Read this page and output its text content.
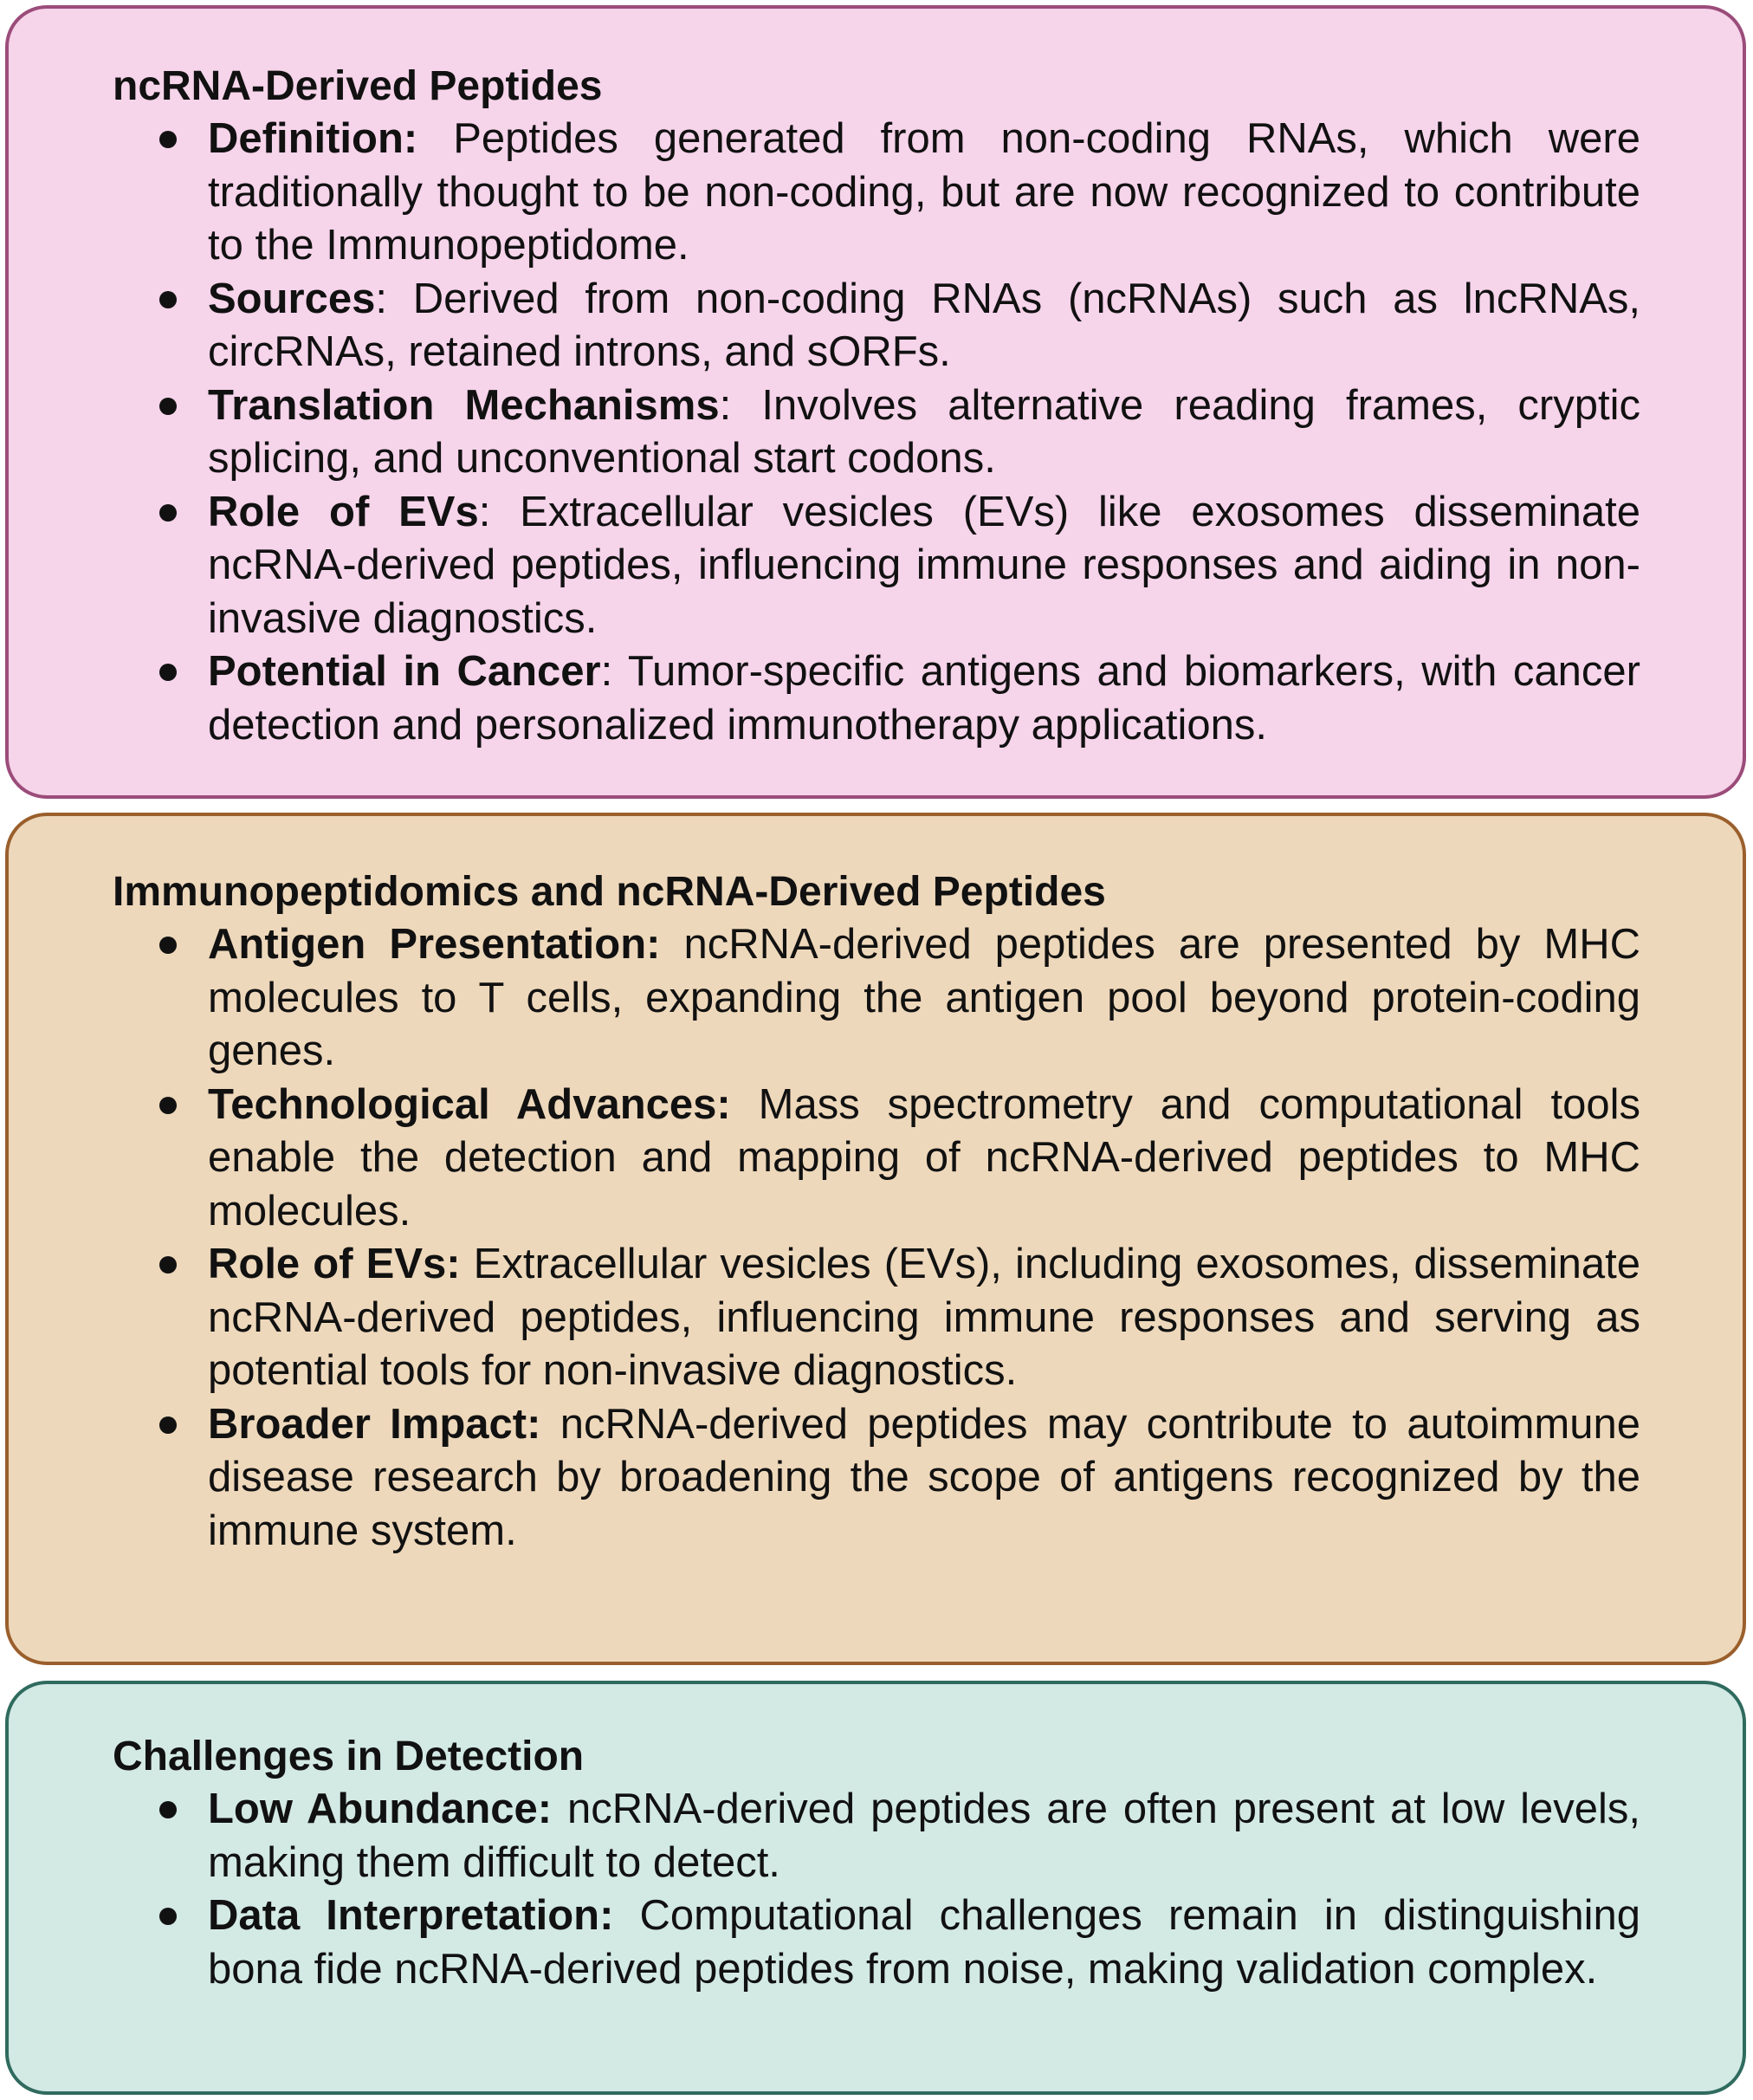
ncRNA-Derived Peptides
Definition: Peptides generated from non-coding RNAs, which were traditionally thought to be non-coding, but are now recognized to contribute to the Immunopeptidome.
Sources: Derived from non-coding RNAs (ncRNAs) such as lncRNAs, circRNAs, retained introns, and sORFs.
Translation Mechanisms: Involves alternative reading frames, cryptic splicing, and unconventional start codons.
Role of EVs: Extracellular vesicles (EVs) like exosomes disseminate ncRNA-derived peptides, influencing immune responses and aiding in non-invasive diagnostics.
Potential in Cancer: Tumor-specific antigens and biomarkers, with cancer detection and personalized immunotherapy applications.
Immunopeptidomics and ncRNA-Derived Peptides
Antigen Presentation: ncRNA-derived peptides are presented by MHC molecules to T cells, expanding the antigen pool beyond protein-coding genes.
Technological Advances: Mass spectrometry and computational tools enable the detection and mapping of ncRNA-derived peptides to MHC molecules.
Role of EVs: Extracellular vesicles (EVs), including exosomes, disseminate ncRNA-derived peptides, influencing immune responses and serving as potential tools for non-invasive diagnostics.
Broader Impact: ncRNA-derived peptides may contribute to autoimmune disease research by broadening the scope of antigens recognized by the immune system.
Challenges in Detection
Low Abundance: ncRNA-derived peptides are often present at low levels, making them difficult to detect.
Data Interpretation: Computational challenges remain in distinguishing bona fide ncRNA-derived peptides from noise, making validation complex.
